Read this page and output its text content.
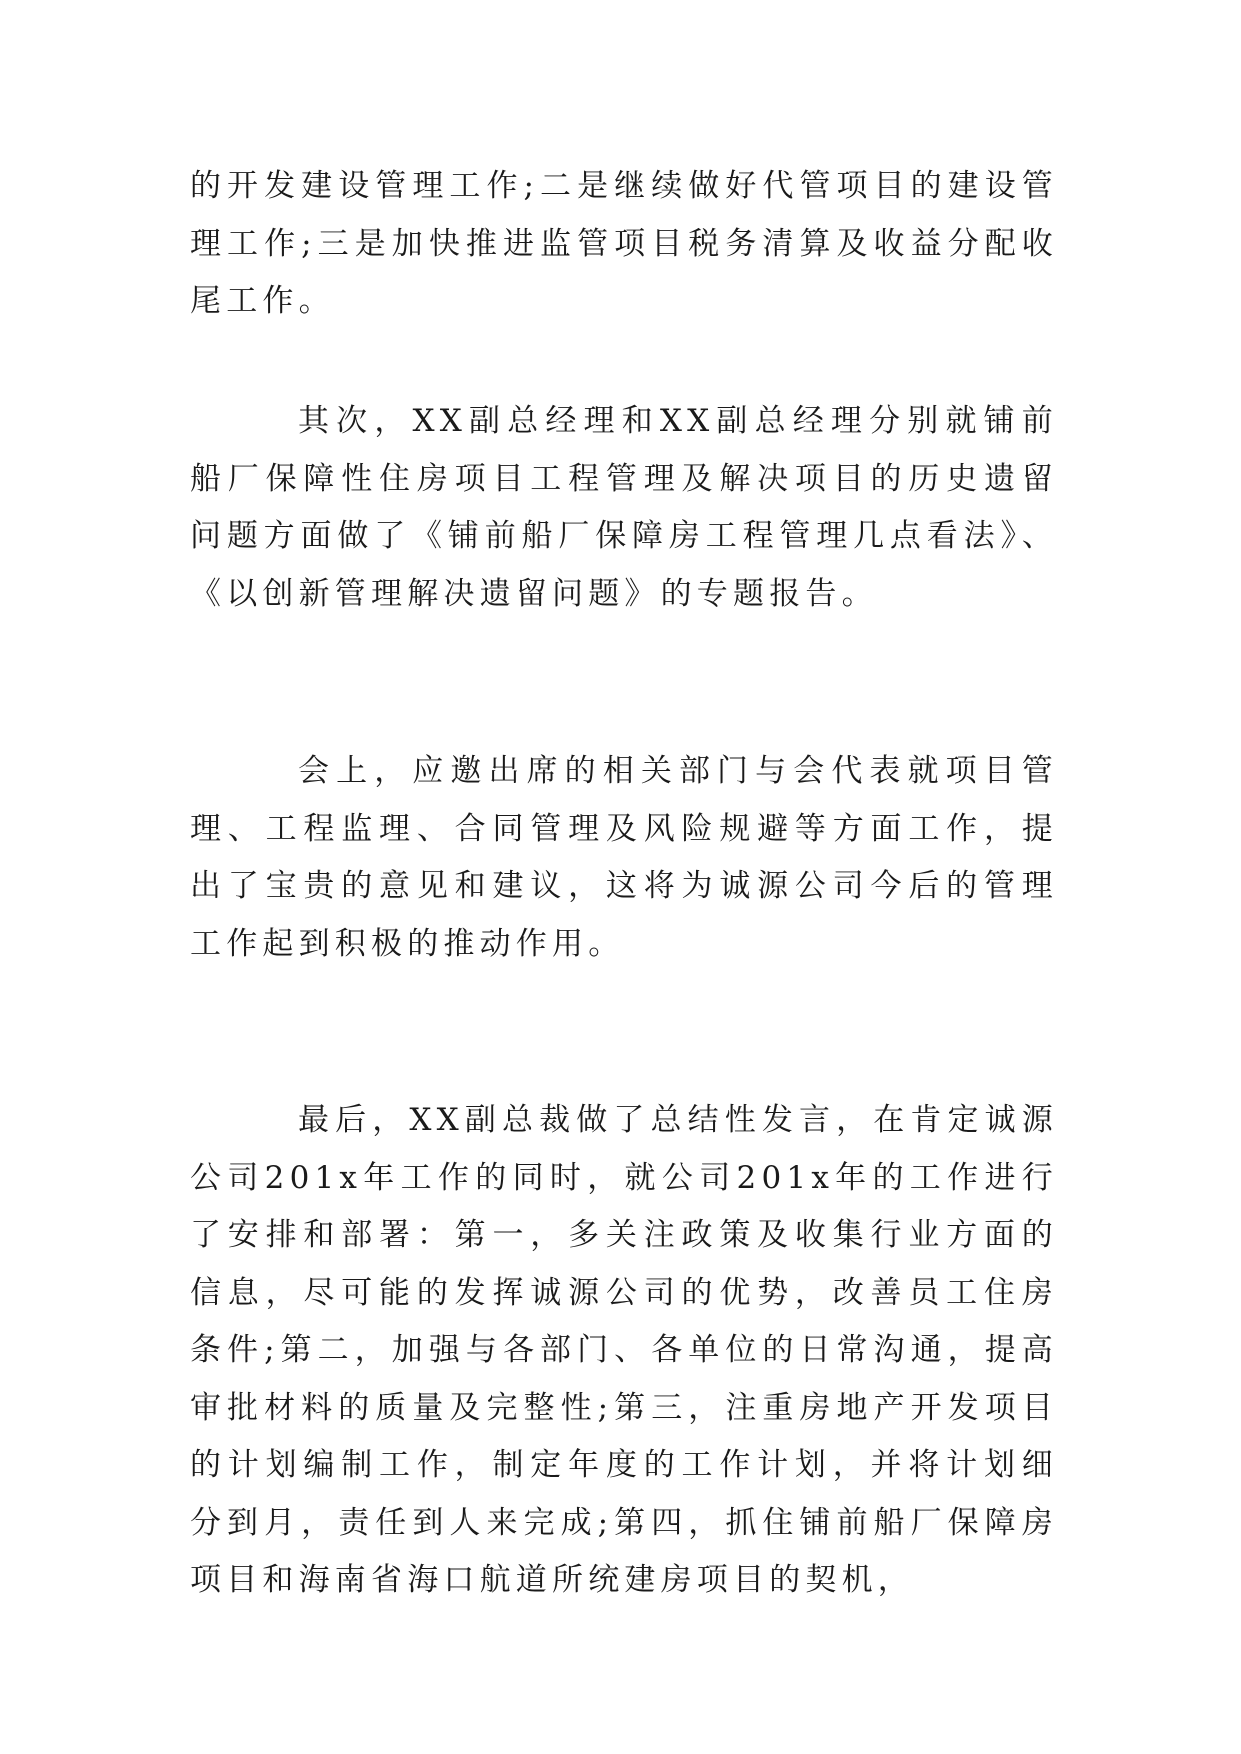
的开发建设管理工作;二是继续做好代管项目的建设管理工作;三是加快推进监管项目税务清算及收益分配收尾工作。

其次，XX副总经理和XX副总经理分别就铺前船厂保障性住房项目工程管理及解决项目的历史遗留问题方面做了《铺前船厂保障房工程管理几点看法》、《以创新管理解决遗留问题》的专题报告。

会上，应邀出席的相关部门与会代表就项目管理、工程监理、合同管理及风险规避等方面工作，提出了宝贵的意见和建议，这将为诚源公司今后的管理工作起到积极的推动作用。

最后，XX副总裁做了总结性发言，在肯定诚源公司201x年工作的同时，就公司201x年的工作进行了安排和部署：第一，多关注政策及收集行业方面的信息，尽可能的发挥诚源公司的优势，改善员工住房条件;第二，加强与各部门、各单位的日常沟通，提高审批材料的质量及完整性;第三，注重房地产开发项目的计划编制工作，制定年度的工作计划，并将计划细分到月，责任到人来完成;第四，抓住铺前船厂保障房项目和海南省海口航道所统建房项目的契机，
